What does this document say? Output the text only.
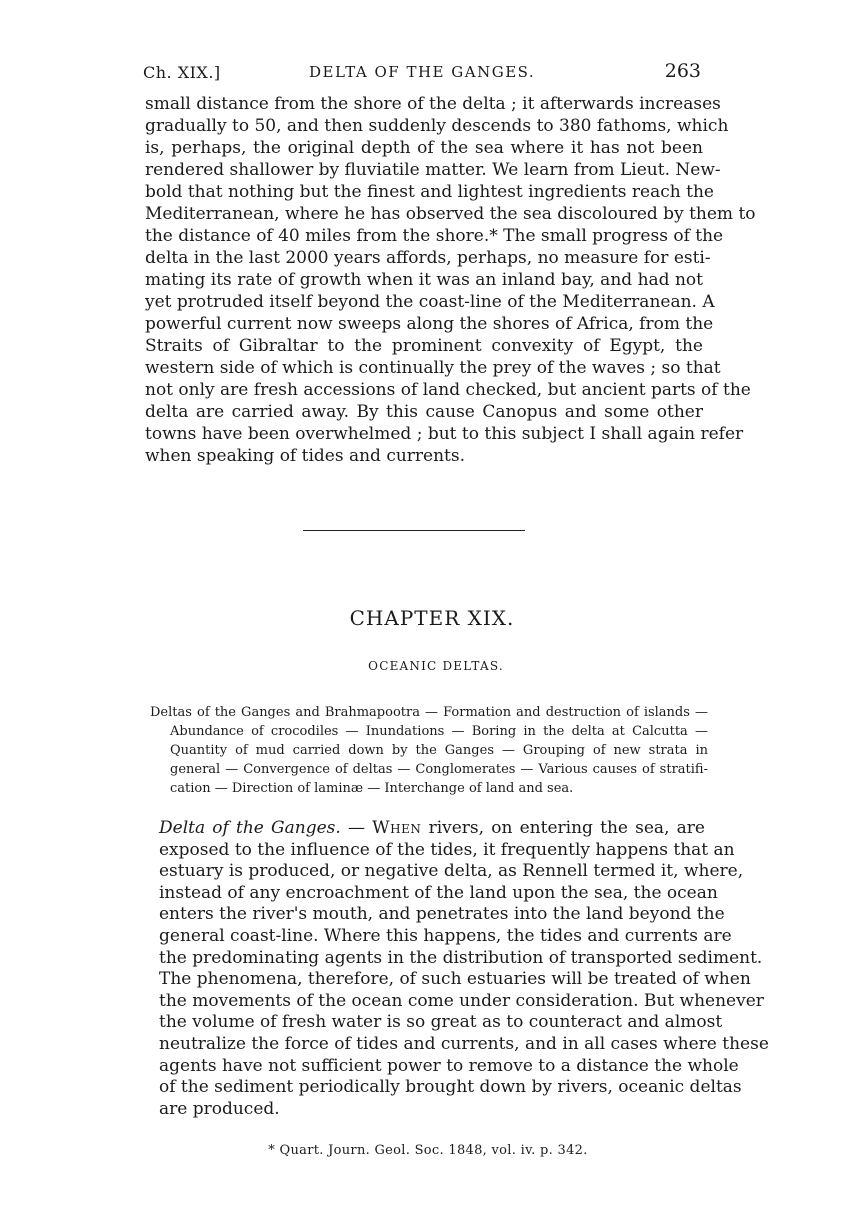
Ch. XIX.]	DELTA OF THE GANGES.	263
small distance from the shore of the delta ; it afterwards increases
gradually to 50, and then suddenly descends to 380 fathoms, which
is, perhaps, the original depth of the sea where it has not been
rendered shallower by fluviatile matter. We learn from Lieut. New-
bold that nothing but the finest and lightest ingredients reach the
Mediterranean, where he has observed the sea discoloured by them to
the distance of 40 miles from the shore.* The small progress of the
delta in the last 2000 years affords, perhaps, no measure for esti-
mating its rate of growth when it was an inland bay, and had not
yet protruded itself beyond the coast-line of the Mediterranean. A
powerful current now sweeps along the shores of Africa, from the
Straits of Gibraltar to the prominent convexity of Egypt, the
western side of which is continually the prey of the waves ; so that
not only are fresh accessions of land checked, but ancient parts of the
delta are carried away. By this cause Canopus and some other
towns have been overwhelmed ; but to this subject I shall again refer
when speaking of tides and currents.
CHAPTER XIX.
OCEANIC DELTAS.
Deltas of the Ganges and Brahmapootra — Formation and destruction of islands —
Abundance of crocodiles — Inundations — Boring in the delta at Calcutta —
Quantity of mud carried down by the Ganges — Grouping of new strata in
general — Convergence of deltas — Conglomerates — Various causes of stratifi-
cation — Direction of laminæ — Interchange of land and sea.
Delta of the Ganges. — When rivers, on entering the sea, are
exposed to the influence of the tides, it frequently happens that an
estuary is produced, or negative delta, as Rennell termed it, where,
instead of any encroachment of the land upon the sea, the ocean
enters the river's mouth, and penetrates into the land beyond the
general coast-line. Where this happens, the tides and currents are
the predominating agents in the distribution of transported sediment.
The phenomena, therefore, of such estuaries will be treated of when
the movements of the ocean come under consideration. But whenever
the volume of fresh water is so great as to counteract and almost
neutralize the force of tides and currents, and in all cases where these
agents have not sufficient power to remove to a distance the whole
of the sediment periodically brought down by rivers, oceanic deltas
are produced.
* Quart. Journ. Geol. Soc. 1848, vol. iv. p. 342.
